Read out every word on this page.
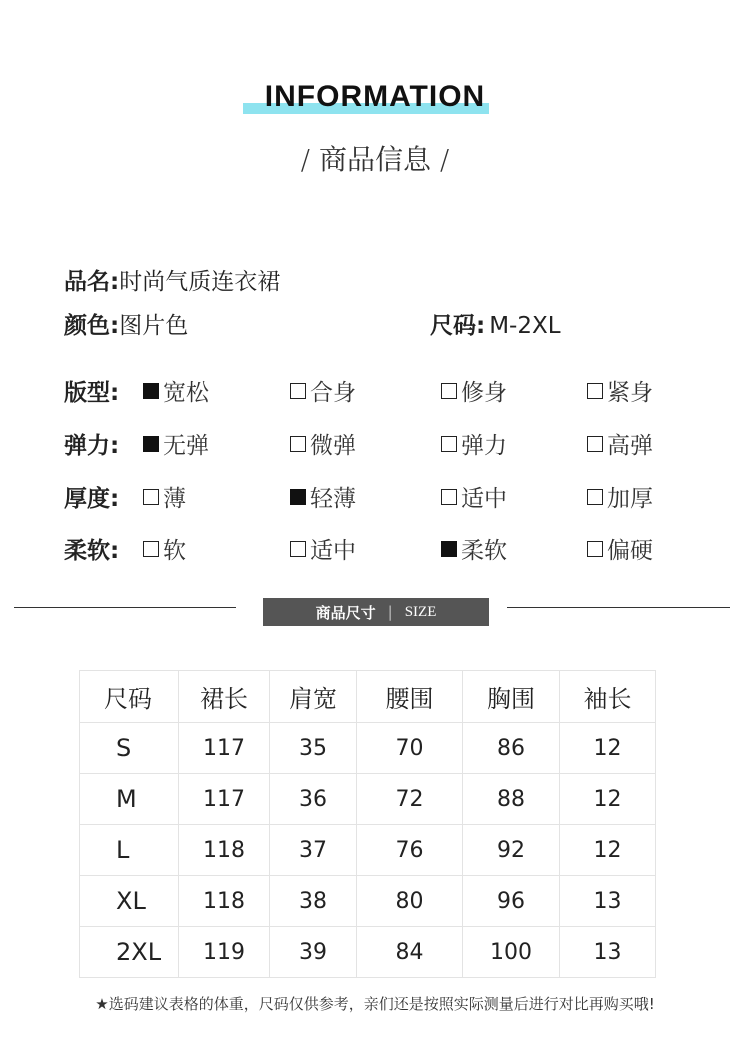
INFORMATION
/ 商品信息 /
品名:时尚气质连衣裙
颜色:图片色	尺码: M-2XL
版型: 宽松	合身	修身	紧身
弹力: 无弹	微弹	弹力	高弹
厚度: 薄	轻薄	适中	加厚
柔软: 软	适中	柔软	偏硬
商品尺寸 | SIZE
尺码	裙长	肩宽	腰围	胸围	袖长
S	117	35	70	86	12
M	117	36	72	88	12
L	118	37	76	92	12
XL	118	38	80	96	13
2XL	119	39	84	100	13
★选码建议表格的体重，尺码仅供参考，亲们还是按照实际测量后进行对比再购买哦!
